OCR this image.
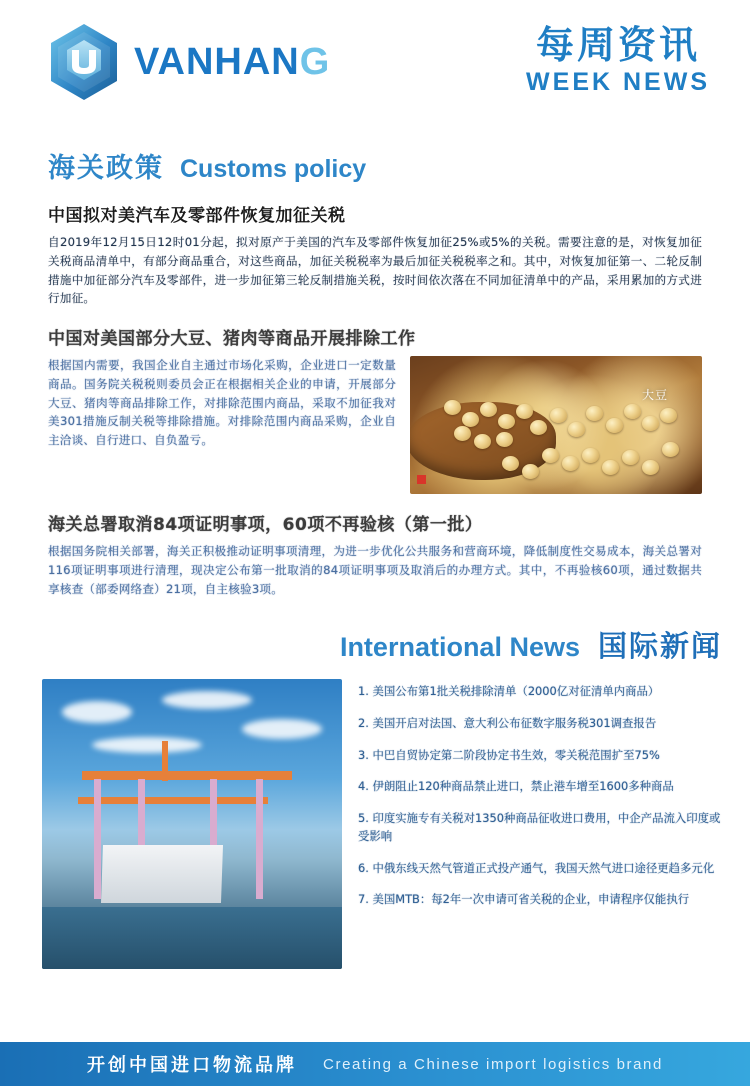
VANHANG	每周资讯
WEEK NEWS
海关政策 Customs policy
中国拟对美汽车及零部件恢复加征关税
自2019年12月15日12时01分起，拟对原产于美国的汽车及零部件恢复加征25%或5%的关税。需要注意的是，对恢复加征关税商品清单中，有部分商品重合，对这些商品，加征关税税率为最后加征关税税率之和。其中，对恢复加征第一、二轮反制措施中加征部分汽车及零部件，进一步加征第三轮反制措施关税，按时间依次落在不同加征清单中的产品，采用累加的方式进行加征。
中国对美国部分大豆、猪肉等商品开展排除工作
根据国内需要，我国企业自主通过市场化采购，企业进口一定数量商品。国务院关税税则委员会正在根据相关企业的申请，开展部分大豆、猪肉等商品排除工作，对排除范围内商品，采取不加征我对美301措施反制关税等排除措施。对排除范围内商品采购，企业自主洽谈、自行进口、自负盈亏。
大豆
海关总署取消84项证明事项，60项不再验核（第一批）
根据国务院相关部署，海关正积极推动证明事项清理，为进一步优化公共服务和营商环境，降低制度性交易成本，海关总署对116项证明事项进行清理，现决定公布第一批取消的84项证明事项及取消后的办理方式。其中，不再验核60项，通过数据共享核查（部委网络查）21项，自主核验3项。
International News 国际新闻
1. 美国公布第1批关税排除清单（2000亿对征清单内商品）
2. 美国开启对法国、意大利公布征数字服务税301调查报告
3. 中巴自贸协定第二阶段协定书生效，零关税范围扩至75%
4. 伊朗阻止120种商品禁止进口，禁止港车增至1600多种商品
5. 印度实施专有关税对1350种商品征收进口费用，中企产品流入印度或受影响
6. 中俄东线天然气管道正式投产通气，我国天然气进口途径更趋多元化
7. 美国MTB：每2年一次申请可省关税的企业，申请程序仅能执行
开创中国进口物流品牌 Creating a Chinese import logistics brand
